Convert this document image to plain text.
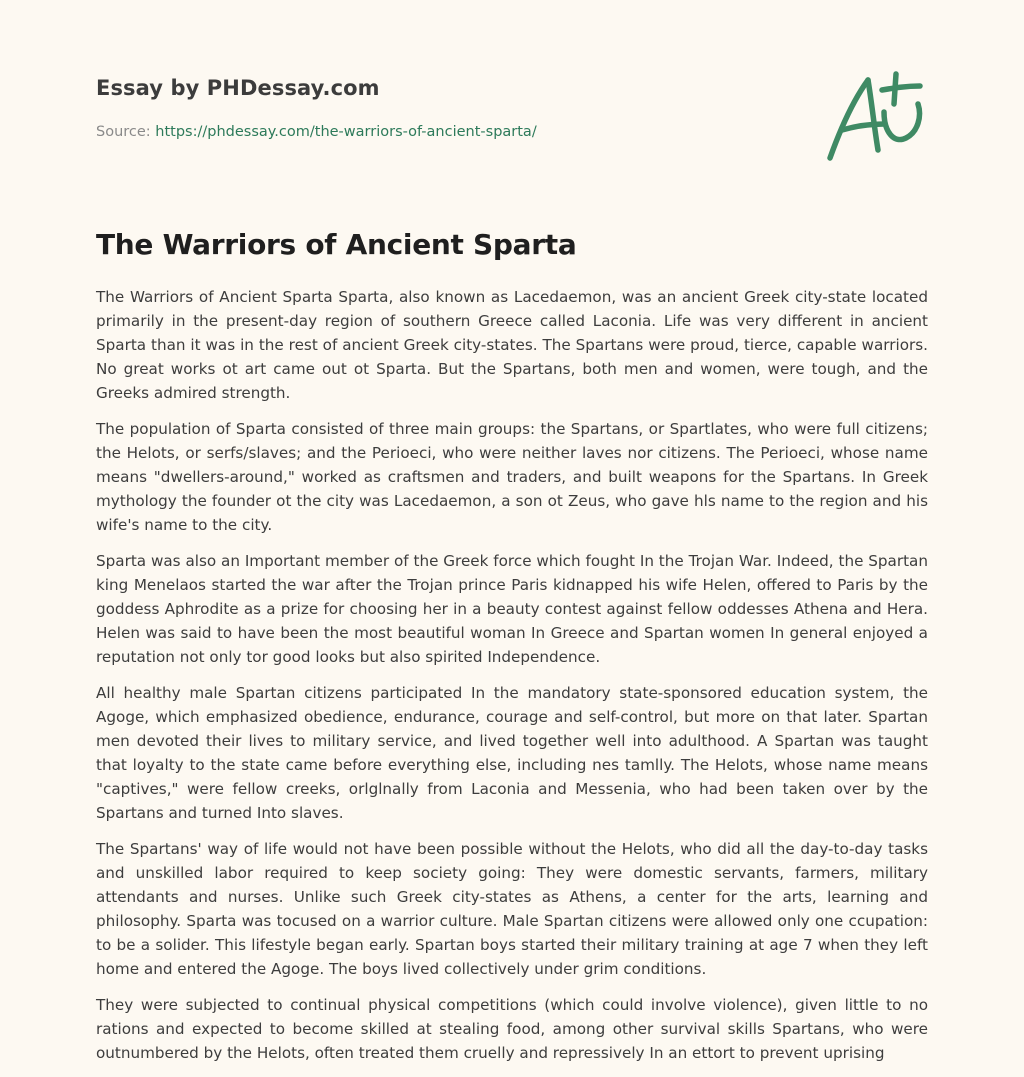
Essay by PHDessay.com
Source: https://phdessay.com/the-warriors-of-ancient-sparta/
The Warriors of Ancient Sparta

The Warriors of Ancient Sparta Sparta, also known as Lacedaemon, was an ancient Greek city-state located primarily in the present-day region of southern Greece called Laconia. Life was very different in ancient Sparta than it was in the rest of ancient Greek city-states. The Spartans were proud, tierce, capable warriors. No great works ot art came out ot Sparta. But the Spartans, both men and women, were tough, and the Greeks admired strength.

The population of Sparta consisted of three main groups: the Spartans, or Spartlates, who were full citizens; the Helots, or serfs/slaves; and the Perioeci, who were neither laves nor citizens. The Perioeci, whose name means "dwellers-around," worked as craftsmen and traders, and built weapons for the Spartans. In Greek mythology the founder ot the city was Lacedaemon, a son ot Zeus, who gave hls name to the region and his wife's name to the city.

Sparta was also an Important member of the Greek force which fought In the Trojan War. Indeed, the Spartan king Menelaos started the war after the Trojan prince Paris kidnapped his wife Helen, offered to Paris by the goddess Aphrodite as a prize for choosing her in a beauty contest against fellow oddesses Athena and Hera. Helen was said to have been the most beautiful woman In Greece and Spartan women In general enjoyed a reputation not only tor good looks but also spirited Independence.

All healthy male Spartan citizens participated In the mandatory state-sponsored education system, the Agoge, which emphasized obedience, endurance, courage and self-control, but more on that later. Spartan men devoted their lives to military service, and lived together well into adulthood. A Spartan was taught that loyalty to the state came before everything else, including nes tamlly. The Helots, whose name means "captives," were fellow creeks, orlglnally from Laconia and Messenia, who had been taken over by the Spartans and turned Into slaves.

The Spartans' way of life would not have been possible without the Helots, who did all the day-to-day tasks and unskilled labor required to keep society going: They were domestic servants, farmers, military attendants and nurses. Unlike such Greek city-states as Athens, a center for the arts, learning and philosophy. Sparta was tocused on a warrior culture. Male Spartan citizens were allowed only one ccupation: to be a solider. This lifestyle began early. Spartan boys started their military training at age 7 when they left home and entered the Agoge. The boys lived collectively under grim conditions.

They were subjected to continual physical competitions (which could involve violence), given little to no rations and expected to become skilled at stealing food, among other survival skills Spartans, who were outnumbered by the Helots, often treated them cruelly and repressively In an ettort to prevent uprising
